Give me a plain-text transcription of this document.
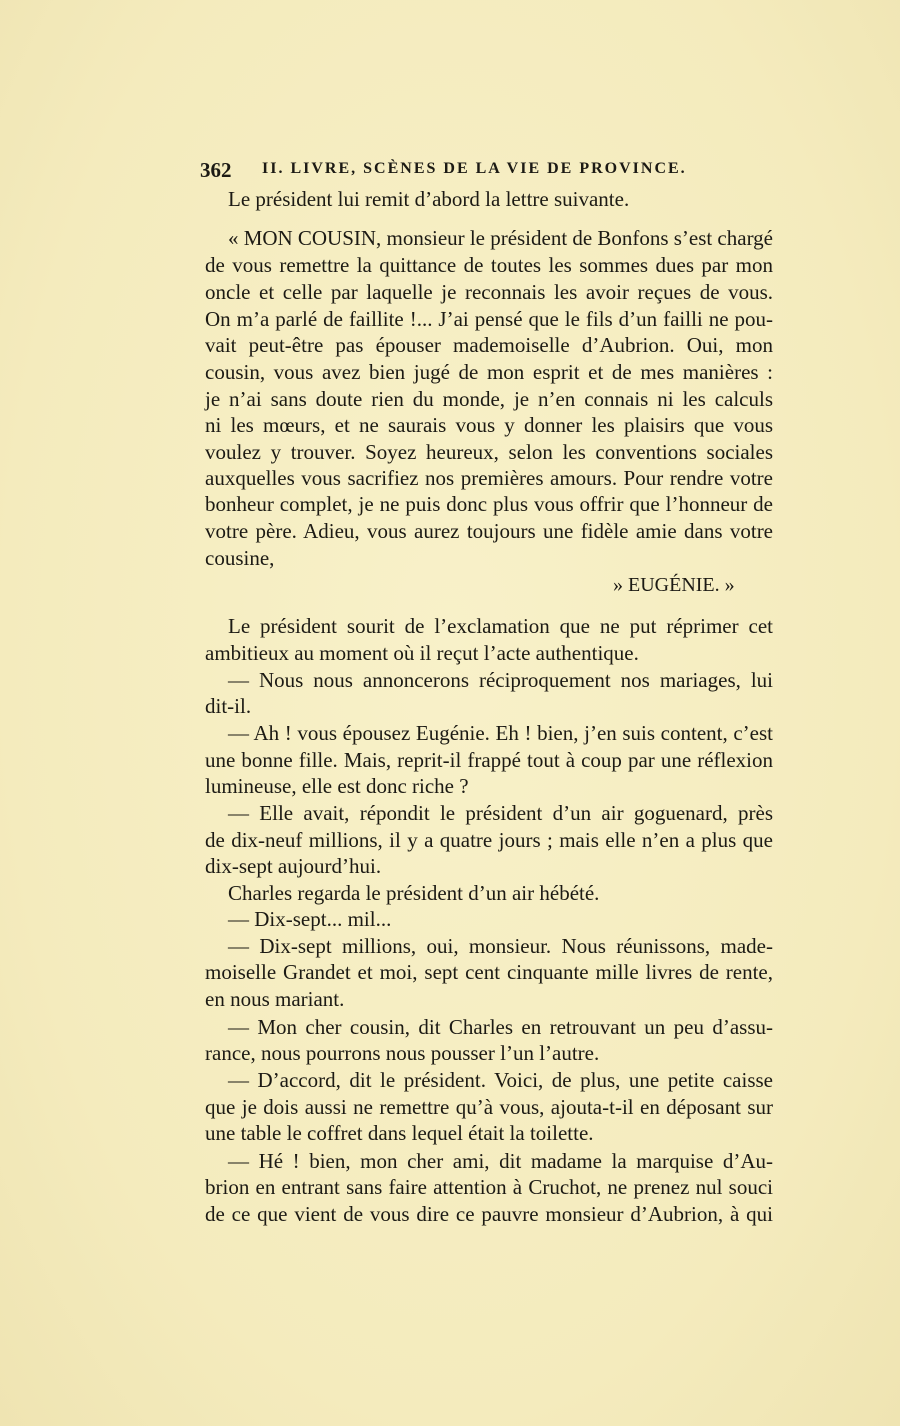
362 II. LIVRE, SCÈNES DE LA VIE DE PROVINCE.
Le président lui remit d’abord la lettre suivante.
« MON COUSIN, monsieur le président de Bonfons s’est chargé
de vous remettre la quittance de toutes les sommes dues par mon
oncle et celle par laquelle je reconnais les avoir reçues de vous.
On m’a parlé de faillite !... J’ai pensé que le fils d’un failli ne pou-
vait peut-être pas épouser mademoiselle d’Aubrion. Oui, mon
cousin, vous avez bien jugé de mon esprit et de mes manières :
je n’ai sans doute rien du monde, je n’en connais ni les calculs
ni les mœurs, et ne saurais vous y donner les plaisirs que vous
voulez y trouver. Soyez heureux, selon les conventions sociales
auxquelles vous sacrifiez nos premières amours. Pour rendre votre
bonheur complet, je ne puis donc plus vous offrir que l’honneur de
votre père. Adieu, vous aurez toujours une fidèle amie dans votre
cousine,
» EUGÉNIE. »
Le président sourit de l’exclamation que ne put réprimer cet
ambitieux au moment où il reçut l’acte authentique.
— Nous nous annoncerons réciproquement nos mariages, lui
dit-il.
— Ah ! vous épousez Eugénie. Eh ! bien, j’en suis content, c’est
une bonne fille. Mais, reprit-il frappé tout à coup par une réflexion
lumineuse, elle est donc riche ?
— Elle avait, répondit le président d’un air goguenard, près
de dix-neuf millions, il y a quatre jours ; mais elle n’en a plus que
dix-sept aujourd’hui.
Charles regarda le président d’un air hébété.
— Dix-sept... mil...
— Dix-sept millions, oui, monsieur. Nous réunissons, made-
moiselle Grandet et moi, sept cent cinquante mille livres de rente,
en nous mariant.
— Mon cher cousin, dit Charles en retrouvant un peu d’assu-
rance, nous pourrons nous pousser l’un l’autre.
— D’accord, dit le président. Voici, de plus, une petite caisse
que je dois aussi ne remettre qu’à vous, ajouta-t-il en déposant sur
une table le coffret dans lequel était la toilette.
— Hé ! bien, mon cher ami, dit madame la marquise d’Au-
brion en entrant sans faire attention à Cruchot, ne prenez nul souci
de ce que vient de vous dire ce pauvre monsieur d’Aubrion, à qui
